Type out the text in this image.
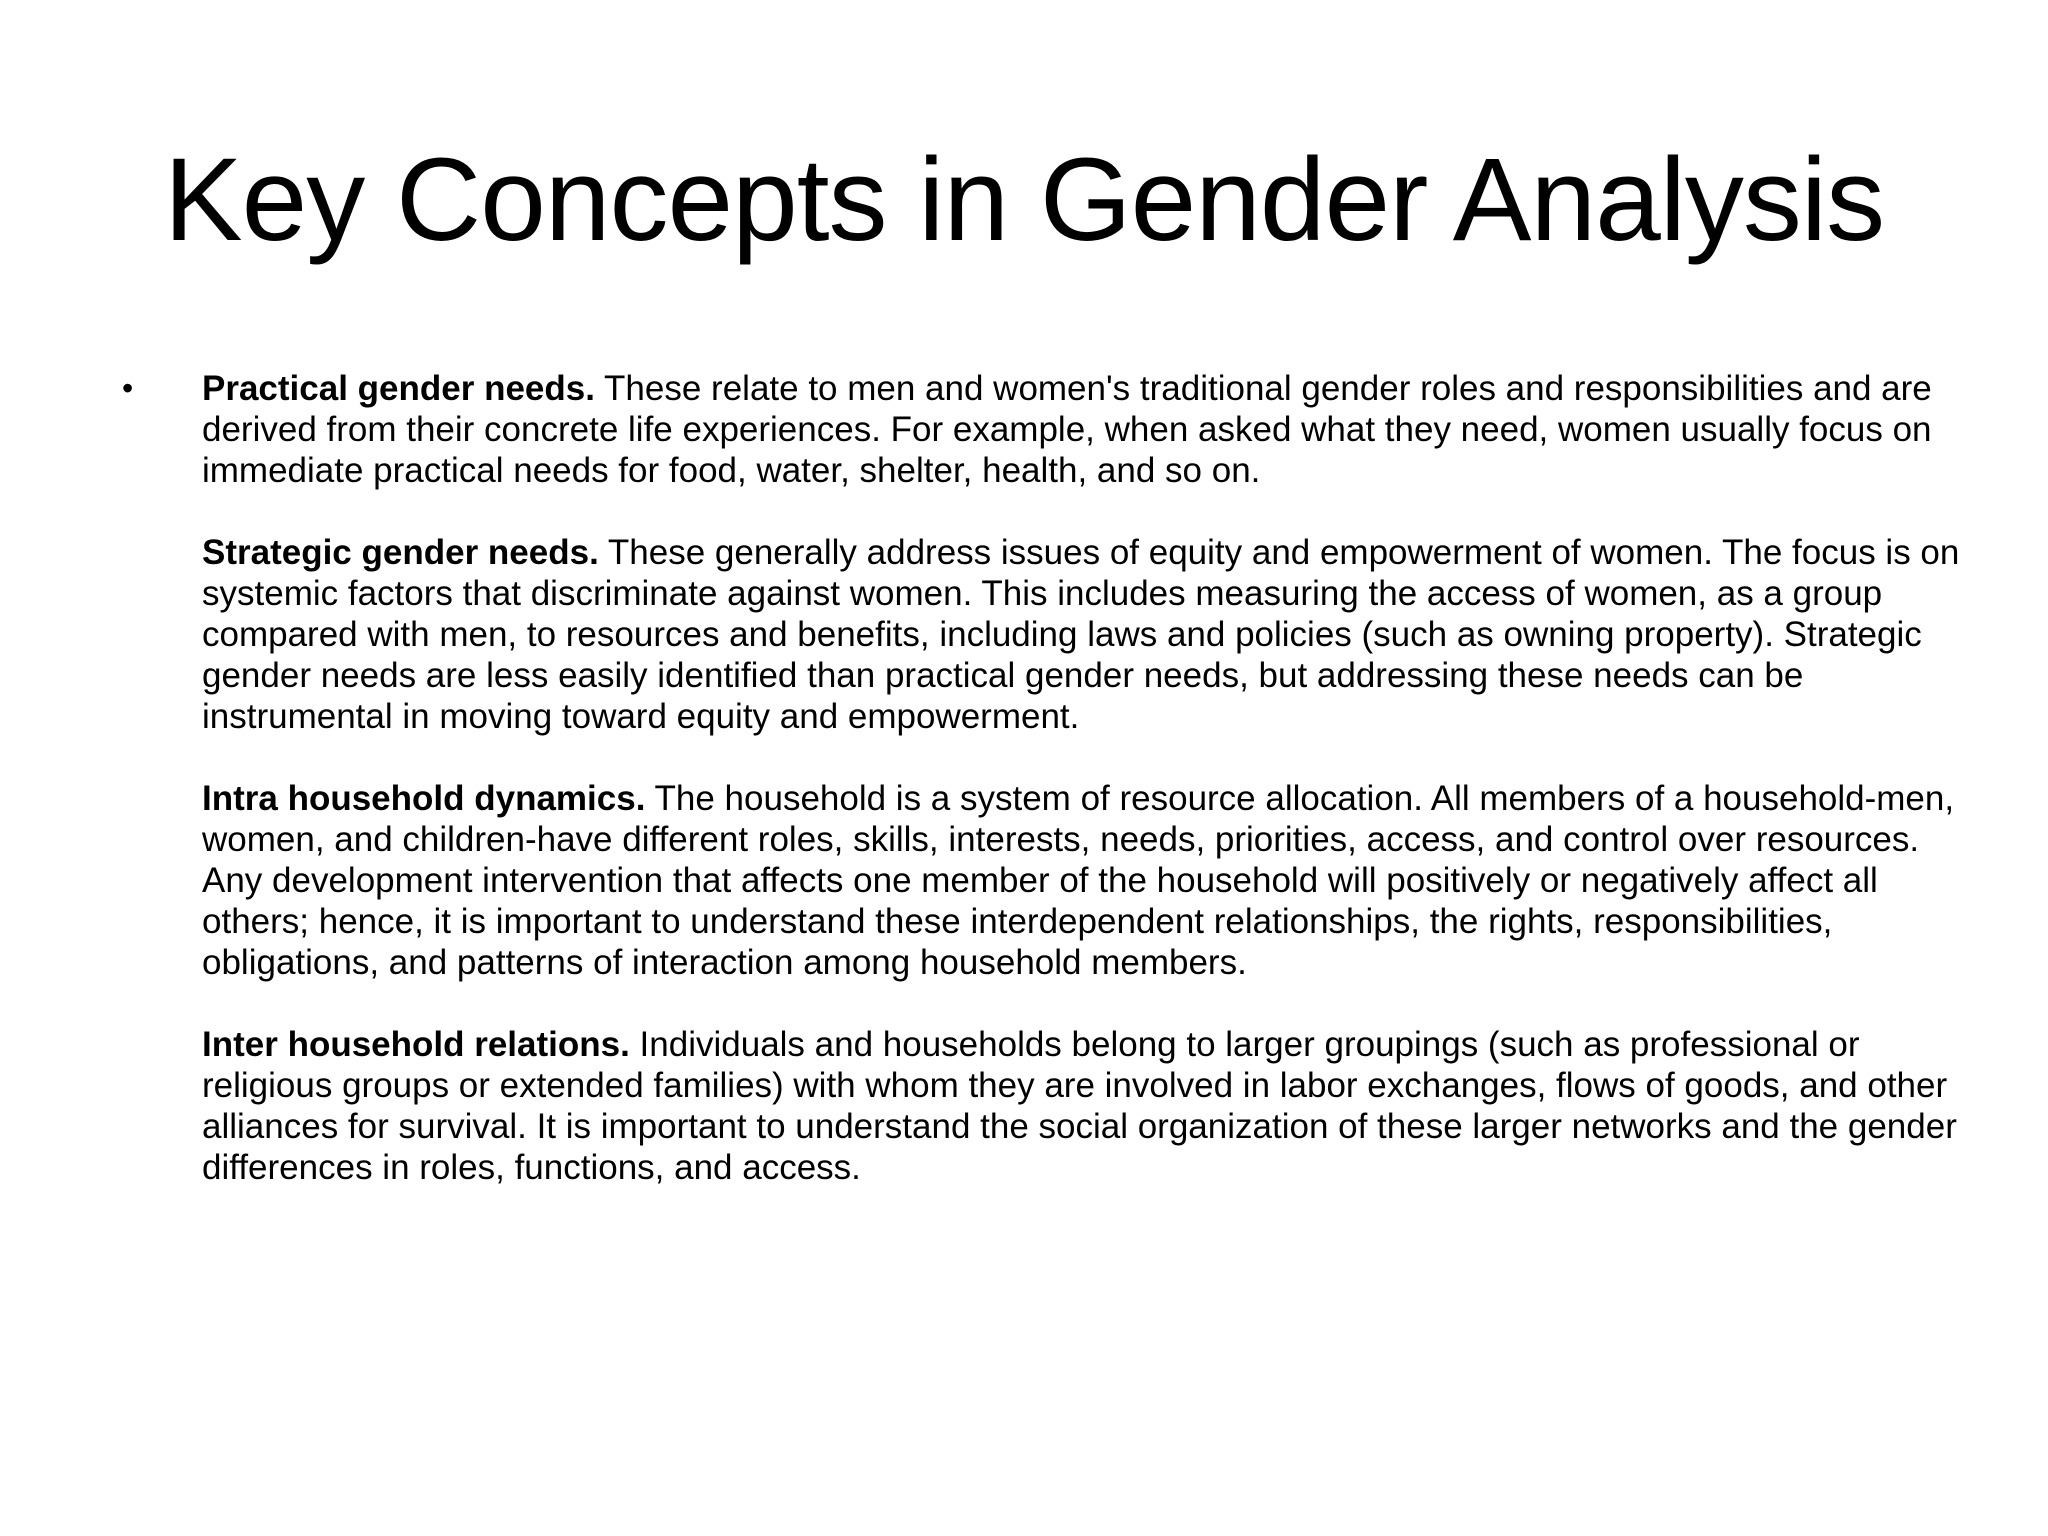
Key Concepts in Gender Analysis

• Practical gender needs. These relate to men and women's traditional gender roles and responsibilities and are derived from their concrete life experiences. For example, when asked what they need, women usually focus on immediate practical needs for food, water, shelter, health, and so on.

Strategic gender needs. These generally address issues of equity and empowerment of women. The focus is on systemic factors that discriminate against women. This includes measuring the access of women, as a group compared with men, to resources and benefits, including laws and policies (such as owning property). Strategic gender needs are less easily identified than practical gender needs, but addressing these needs can be instrumental in moving toward equity and empowerment.

Intra household dynamics. The household is a system of resource allocation. All members of a household-men, women, and children-have different roles, skills, interests, needs, priorities, access, and control over resources. Any development intervention that affects one member of the household will positively or negatively affect all others; hence, it is important to understand these interdependent relationships, the rights, responsibilities, obligations, and patterns of interaction among household members.

Inter household relations. Individuals and households belong to larger groupings (such as professional or religious groups or extended families) with whom they are involved in labor exchanges, flows of goods, and other alliances for survival. It is important to understand the social organization of these larger networks and the gender differences in roles, functions, and access.
